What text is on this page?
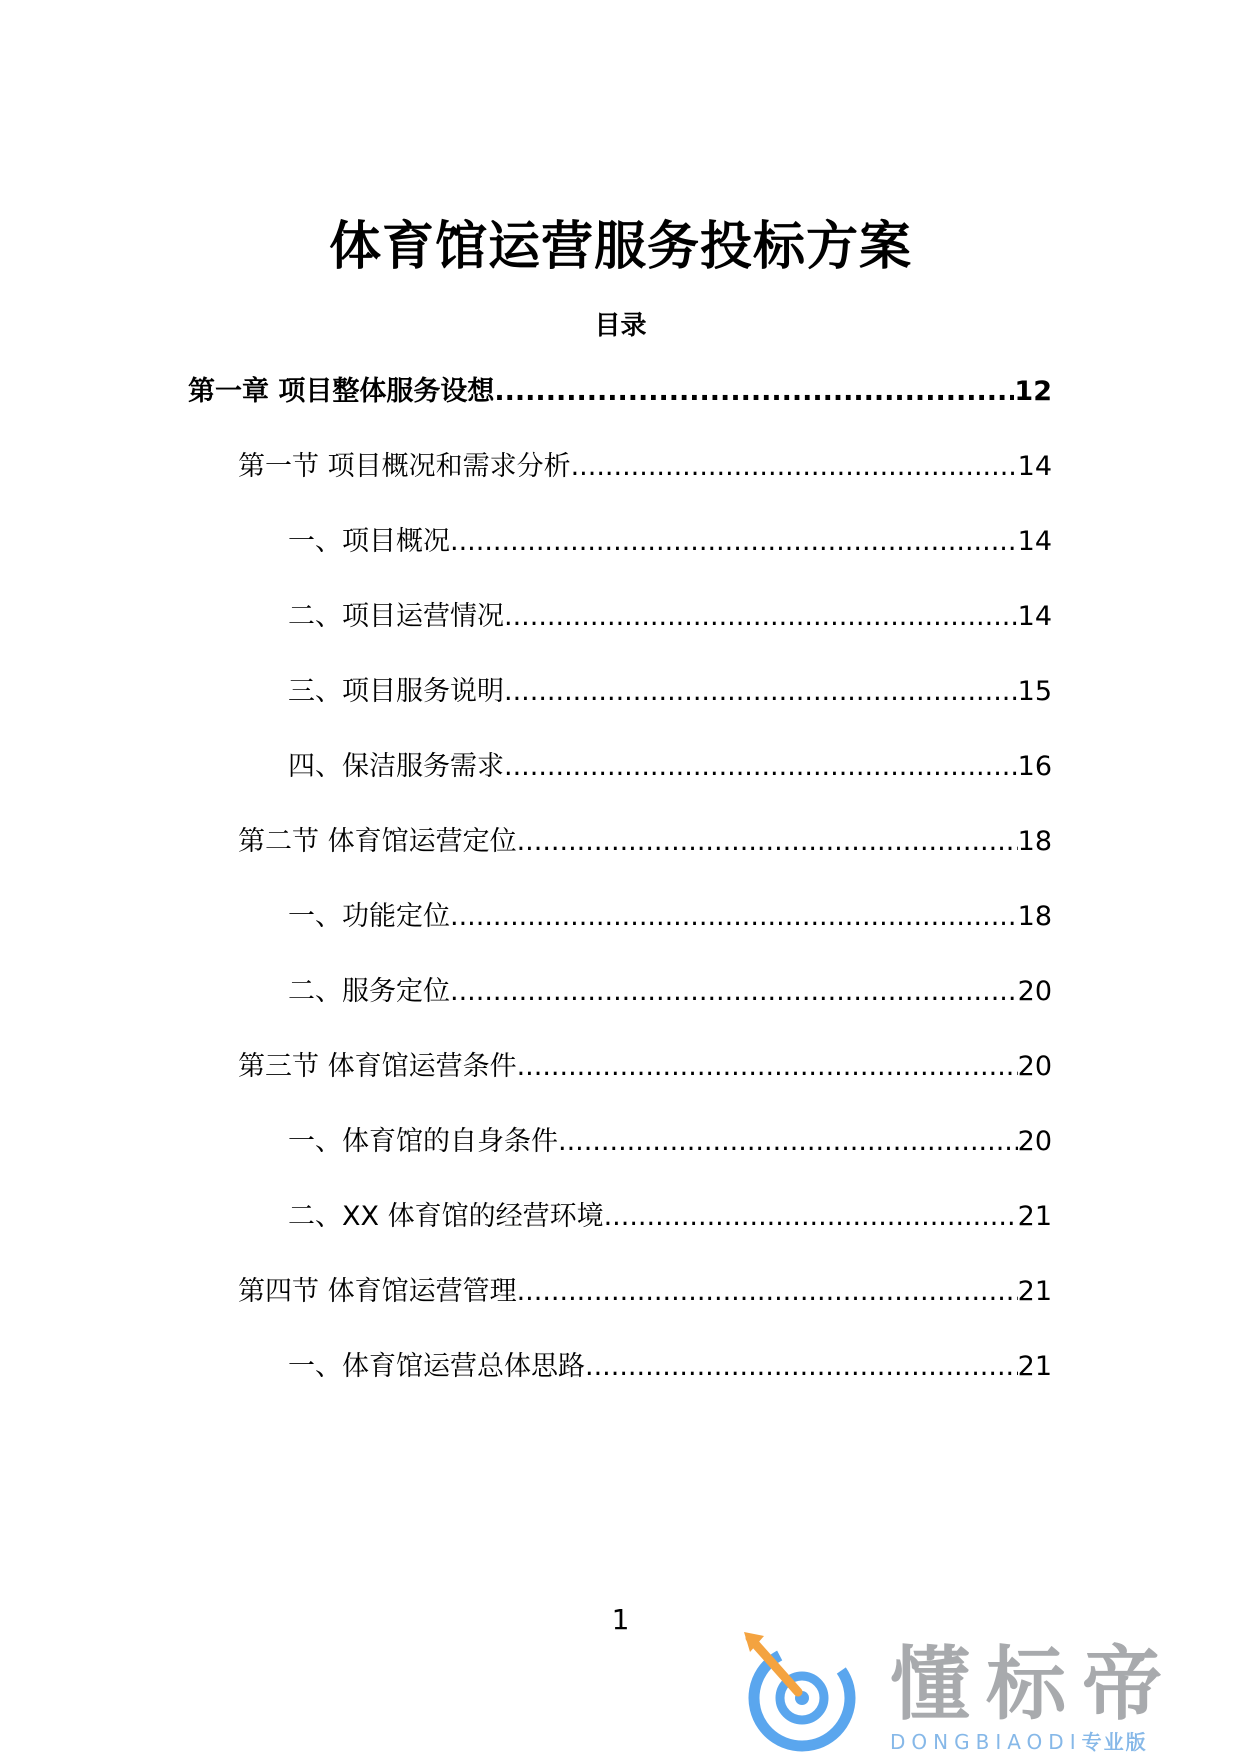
体育馆运营服务投标方案
目录
第一章 项目整体服务设想 .....	12
第一节 项目概况和需求分析 .....	14
一、项目概况 .....	14
二、项目运营情况 .....	14
三、项目服务说明 .....	15
四、保洁服务需求 .....	16
第二节 体育馆运营定位 .....	18
一、功能定位 .....	18
二、服务定位 .....	20
第三节 体育馆运营条件 .....	20
一、体育馆的自身条件 .....	20
二、XX 体育馆的经营环境 .....	21
第四节 体育馆运营管理 .....	21
一、体育馆运营总体思路 .....	21
1
懂标帝
DONGBIAODI专业版
